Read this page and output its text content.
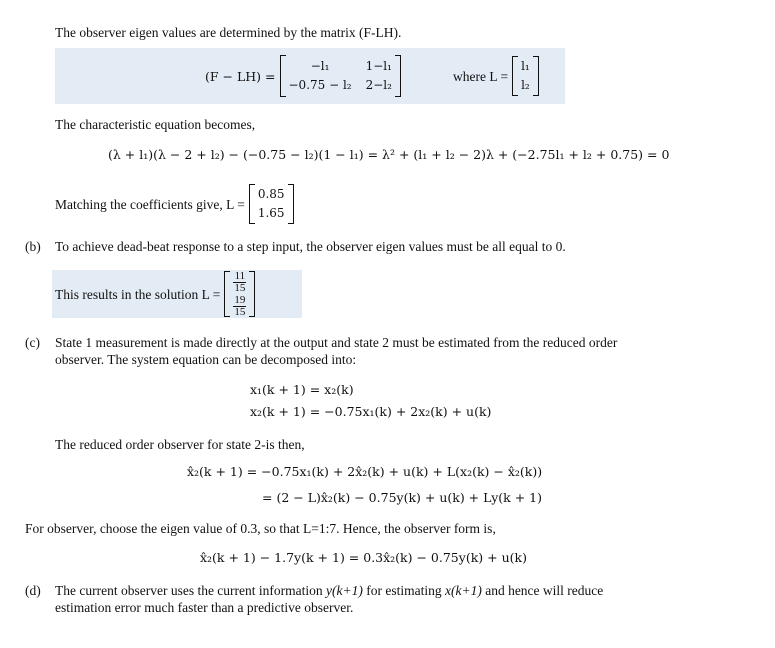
The observer eigen values are determined by the matrix (F-LH).
(F − LH) =
−l₁	1−l₁
−0.75 − l₂ 2−l₂
where L =
l₁
l₂
The characteristic equation becomes,
(λ + l₁)(λ − 2 + l₂) − (−0.75 − l₂)(1 − l₁) = λ² + (l₁ + l₂ − 2)λ + (−2.75l₁ + l₂ + 0.75) = 0
Matching the coefficients give, L =
0.85
1.65
(b) To achieve dead-beat response to a step input, the observer eigen values must be all equal to 0.
This results in the solution L =
$\frac{11}{15}$
$\frac{19}{15}$
(c) State 1 measurement is made directly at the output and state 2 must be estimated from the reduced order
observer. The system equation can be decomposed into:
x₁(k + 1) = x₂(k)
x₂(k + 1) = −0.75x₁(k) + 2x₂(k) + u(k)
The reduced order observer for state 2-is then,
x̂₂(k + 1) = −0.75x₁(k) + 2x̂₂(k) + u(k) + L(x₂(k) − x̂₂(k))
= (2 − L)x̂₂(k) − 0.75y(k) + u(k) + Ly(k + 1)
For observer, choose the eigen value of 0.3, so that L=1:7. Hence, the observer form is,
x̂₂(k + 1) − 1.7y(k + 1) = 0.3x̂₂(k) − 0.75y(k) + u(k)
(d) The current observer uses the current information y(k+1) for estimating x(k+1) and hence will reduce
estimation error much faster than a predictive observer.
